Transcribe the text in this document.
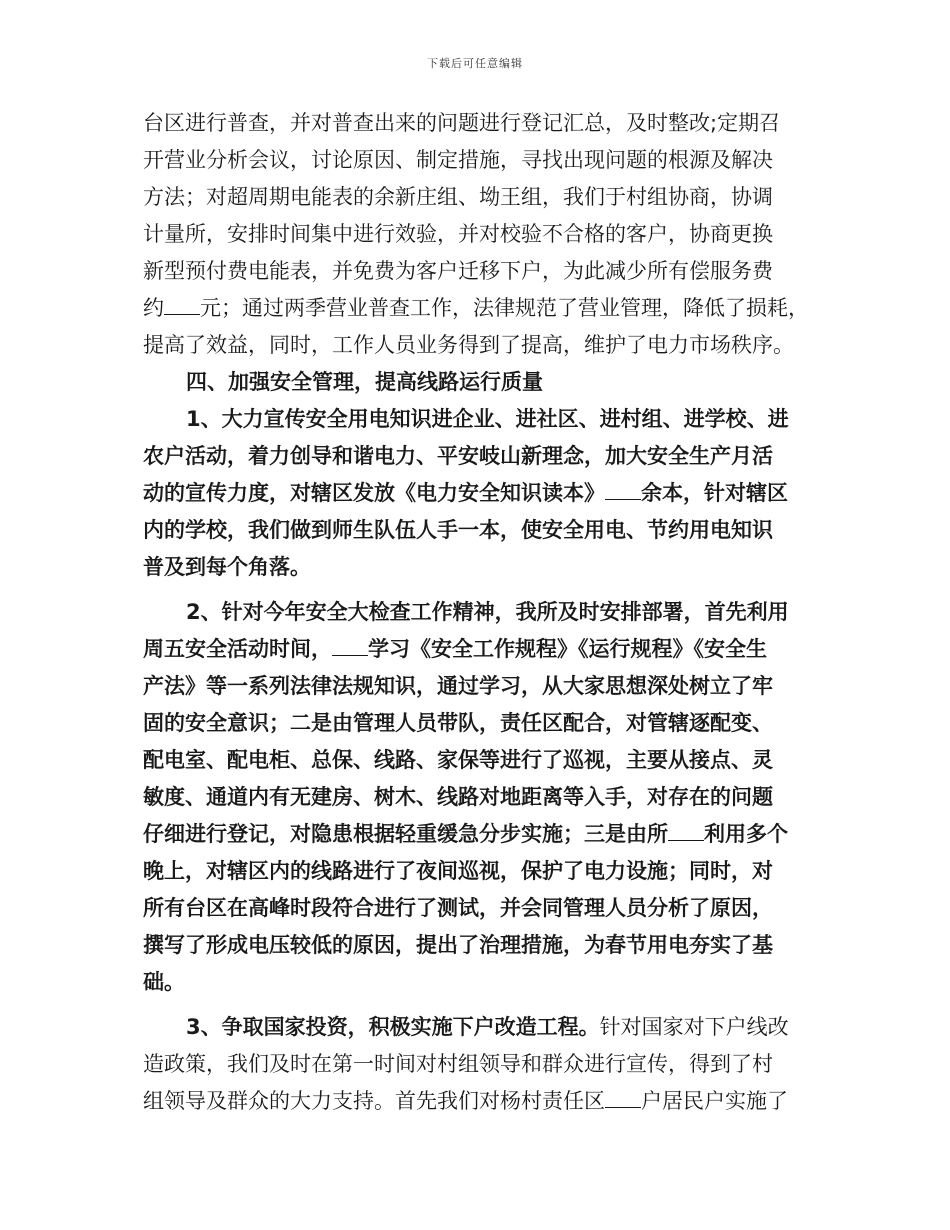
下载后可任意编辑
台区进行普查，并对普查出来的问题进行登记汇总，及时整改;定期召
开营业分析会议，讨论原因、制定措施，寻找出现问题的根源及解决
方法；对超周期电能表的余新庄组、坳王组，我们于村组协商，协调
计量所，安排时间集中进行效验，并对校验不合格的客户，协商更换
新型预付费电能表，并免费为客户迁移下户，为此减少所有偿服务费
约 元；通过两季营业普查工作，法律规范了营业管理，降低了损耗，
提高了效益，同时，工作人员业务得到了提高，维护了电力市场秩序。
四、加强安全管理，提高线路运行质量
1、大力宣传安全用电知识进企业、进社区、进村组、进学校、进
农户活动，着力创导和谐电力、平安岐山新理念，加大安全生产月活
动的宣传力度，对辖区发放《电力安全知识读本》 余本，针对辖区
内的学校，我们做到师生队伍人手一本，使安全用电、节约用电知识
普及到每个角落。
2、针对今年安全大检查工作精神，我所及时安排部署，首先利用
周五安全活动时间， 学习《安全工作规程》《运行规程》《安全生
产法》等一系列法律法规知识，通过学习，从大家思想深处树立了牢
固的安全意识；二是由管理人员带队，责任区配合，对管辖逐配变、
配电室、配电柜、总保、线路、家保等进行了巡视，主要从接点、灵
敏度、通道内有无建房、树木、线路对地距离等入手，对存在的问题
仔细进行登记，对隐患根据轻重缓急分步实施；三是由所 利用多个
晚上，对辖区内的线路进行了夜间巡视，保护了电力设施；同时，对
所有台区在高峰时段符合进行了测试，并会同管理人员分析了原因，
撰写了形成电压较低的原因，提出了治理措施，为春节用电夯实了基
础。
3、争取国家投资，积极实施下户改造工程。针对国家对下户线改
造政策，我们及时在第一时间对村组领导和群众进行宣传，得到了村
组领导及群众的大力支持。首先我们对杨村责任区 户居民户实施了
